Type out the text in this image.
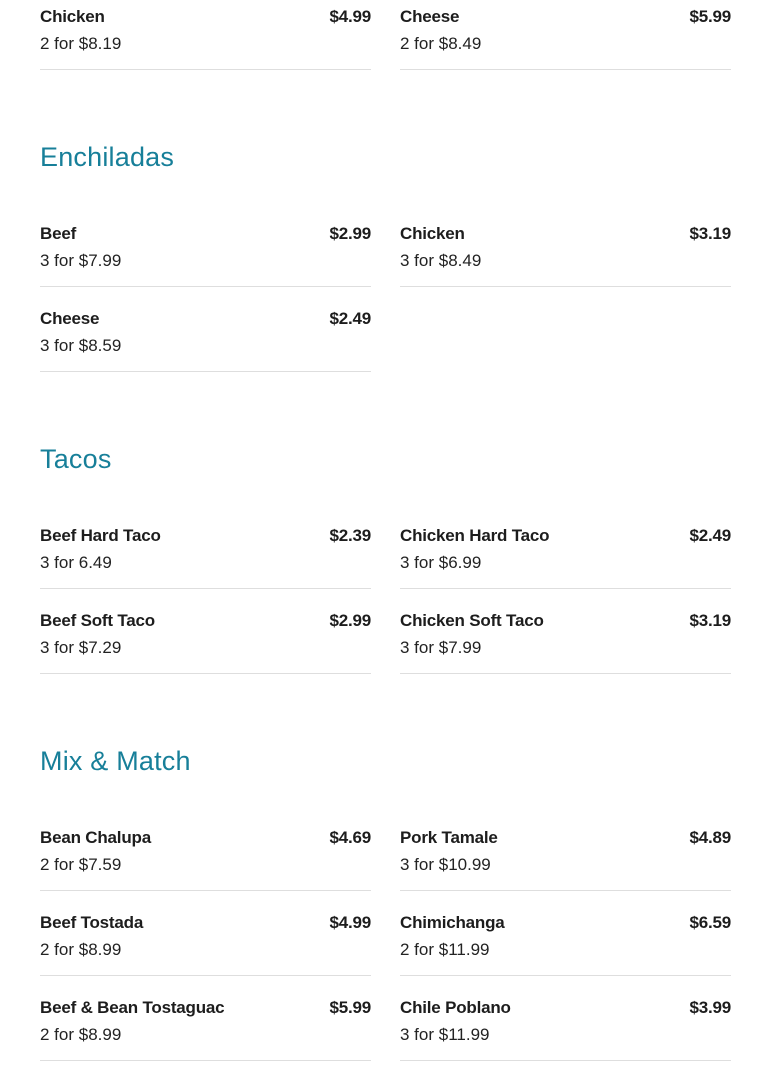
Chicken	$4.99
2 for $8.19
Cheese	$5.99
2 for $8.49
Enchiladas
Beef	$2.99
3 for $7.99
Chicken	$3.19
3 for $8.49
Cheese	$2.49
3 for $8.59
Tacos
Beef Hard Taco	$2.39
3 for 6.49
Chicken Hard Taco	$2.49
3 for $6.99
Beef Soft Taco	$2.99
3 for $7.29
Chicken Soft Taco	$3.19
3 for $7.99
Mix & Match
Bean Chalupa	$4.69
2 for $7.59
Pork Tamale	$4.89
3 for $10.99
Beef Tostada	$4.99
2 for $8.99
Chimichanga	$6.59
2 for $11.99
Beef & Bean Tostaguac	$5.99
2 for $8.99
Chile Poblano	$3.99
3 for $11.99
